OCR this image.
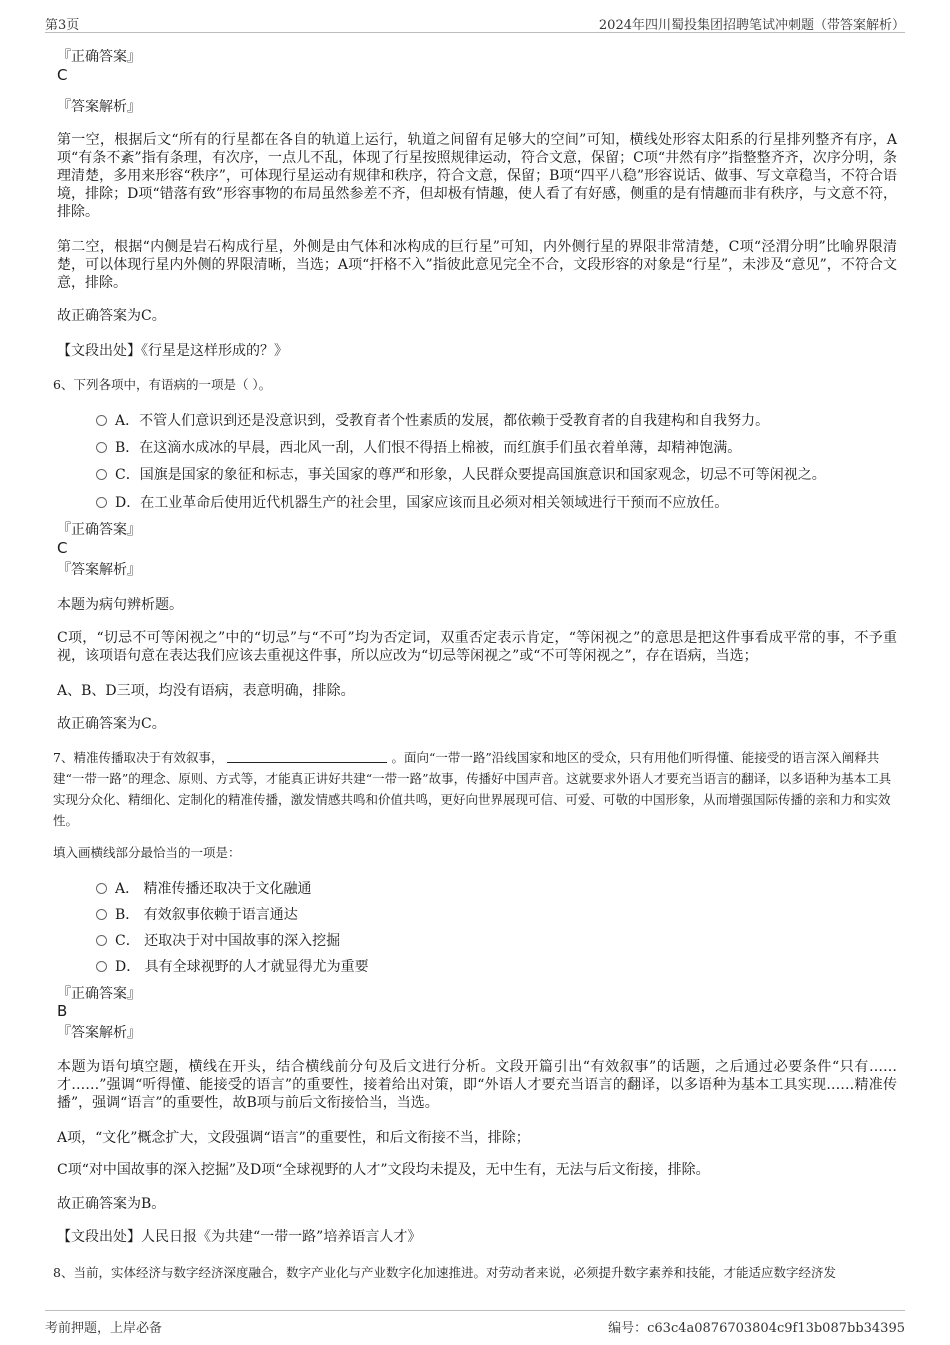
第3页	2024年四川蜀投集团招聘笔试冲刺题（带答案解析）
『正确答案』
C
『答案解析』
第一空，根据后文“所有的行星都在各自的轨道上运行，轨道之间留有足够大的空间”可知，横线处形容太阳系的行星排列整齐有序，A项“有条不紊”指有条理，有次序，一点儿不乱，体现了行星按照规律运动，符合文意，保留；C项“井然有序”指整整齐齐，次序分明，条理清楚，多用来形容“秩序”，可体现行星运动有规律和秩序，符合文意，保留；B项“四平八稳”形容说话、做事、写文章稳当，不符合语境，排除；D项“错落有致”形容事物的布局虽然参差不齐，但却极有情趣，使人看了有好感，侧重的是有情趣而非有秩序，与文意不符，排除。
第二空，根据“内侧是岩石构成行星，外侧是由气体和冰构成的巨行星”可知，内外侧行星的界限非常清楚，C项“泾渭分明”比喻界限清楚，可以体现行星内外侧的界限清晰，当选；A项“扞格不入”指彼此意见完全不合，文段形容的对象是“行星”，未涉及“意见”，不符合文意，排除。
故正确答案为C。
【文段出处】《行星是这样形成的？》
6、下列各项中，有语病的一项是（ ）。
A．不管人们意识到还是没意识到，受教育者个性素质的发展，都依赖于受教育者的自我建构和自我努力。
B．在这滴水成冰的早晨，西北风一刮，人们恨不得捂上棉被，而红旗手们虽衣着单薄，却精神饱满。
C．国旗是国家的象征和标志，事关国家的尊严和形象，人民群众要提高国旗意识和国家观念，切忌不可等闲视之。
D．在工业革命后使用近代机器生产的社会里，国家应该而且必须对相关领域进行干预而不应放任。
『正确答案』
C
『答案解析』
本题为病句辨析题。
C项，“切忌不可等闲视之”中的“切忌”与“不可”均为否定词，双重否定表示肯定，“等闲视之”的意思是把这件事看成平常的事，不予重视，该项语句意在表达我们应该去重视这件事，所以应改为“切忌等闲视之”或“不可等闲视之”，存在语病，当选；
A、B、D三项，均没有语病，表意明确，排除。
故正确答案为C。
7、精准传播取决于有效叙事，	。面向“一带一路”沿线国家和地区的受众，只有用他们听得懂、能接受的语言深入阐释共建“一带一路”的理念、原则、方式等，才能真正讲好共建“一带一路”故事，传播好中国声音。这就要求外语人才要充当语言的翻译，以多语种为基本工具实现分众化、精细化、定制化的精准传播，激发情感共鸣和价值共鸣，更好向世界展现可信、可爱、可敬的中国形象，从而增强国际传播的亲和力和实效性。
填入画横线部分最恰当的一项是：
A． 精准传播还取决于文化融通
B． 有效叙事依赖于语言通达
C． 还取决于对中国故事的深入挖掘
D． 具有全球视野的人才就显得尤为重要
『正确答案』
B
『答案解析』
本题为语句填空题，横线在开头，结合横线前分句及后文进行分析。文段开篇引出“有效叙事”的话题，之后通过必要条件“只有……才……”强调“听得懂、能接受的语言”的重要性，接着给出对策，即“外语人才要充当语言的翻译，以多语种为基本工具实现……精准传播”，强调“语言”的重要性，故B项与前后文衔接恰当，当选。
A项，“文化”概念扩大，文段强调“语言”的重要性，和后文衔接不当，排除；
C项“对中国故事的深入挖掘”及D项“全球视野的人才”文段均未提及，无中生有，无法与后文衔接，排除。
故正确答案为B。
【文段出处】人民日报《为共建“一带一路”培养语言人才》
8、当前，实体经济与数字经济深度融合，数字产业化与产业数字化加速推进。对劳动者来说，必须提升数字素养和技能，才能适应数字经济发
考前押题，上岸必备	编号：c63c4a0876703804c9f13b087bb34395
